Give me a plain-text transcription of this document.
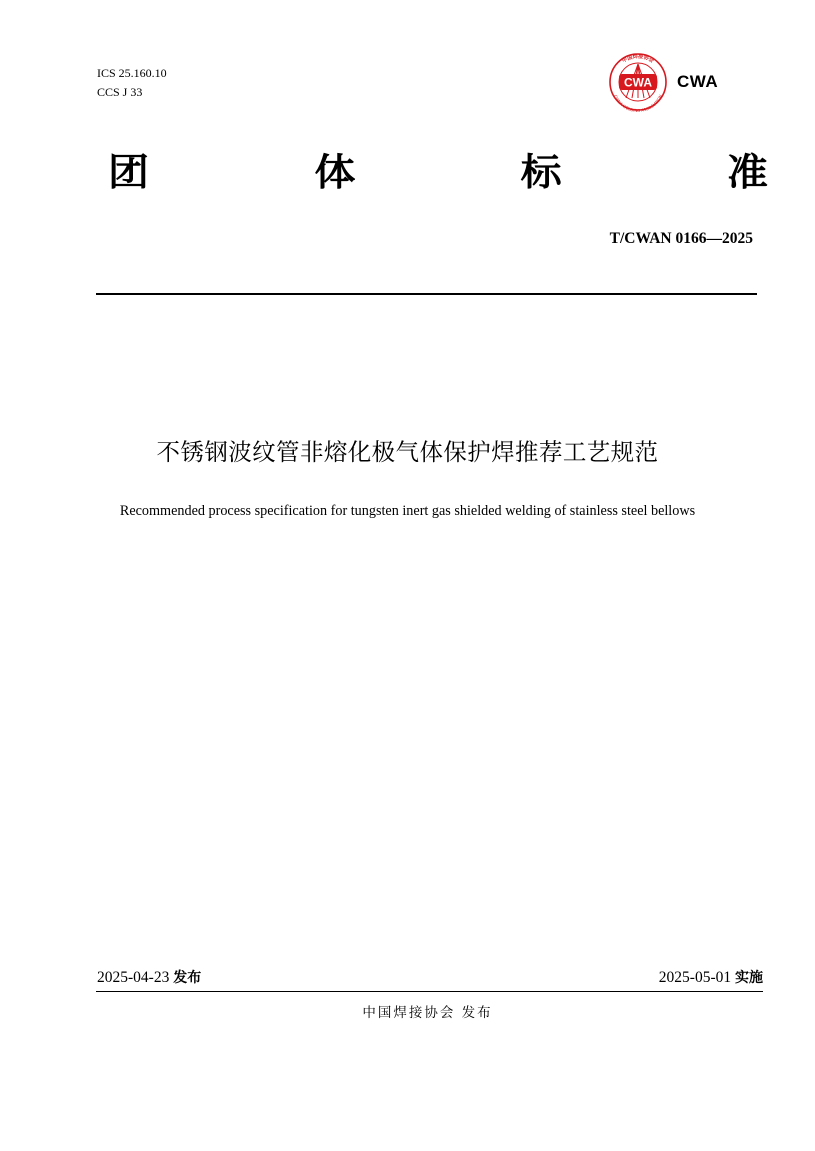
ICS 25.160.10
CCS J 33
中国焊接协会
CHINA WELDING ASSOCIATION
CWA CWA
团	体	标	准
T/CWAN 0166—2025
不锈钢波纹管非熔化极气体保护焊推荐工艺规范
Recommended process specification for tungsten inert gas shielded welding of stainless steel bellows
2025-04-23 发布	2025-05-01 实施
中国焊接协会 发布
